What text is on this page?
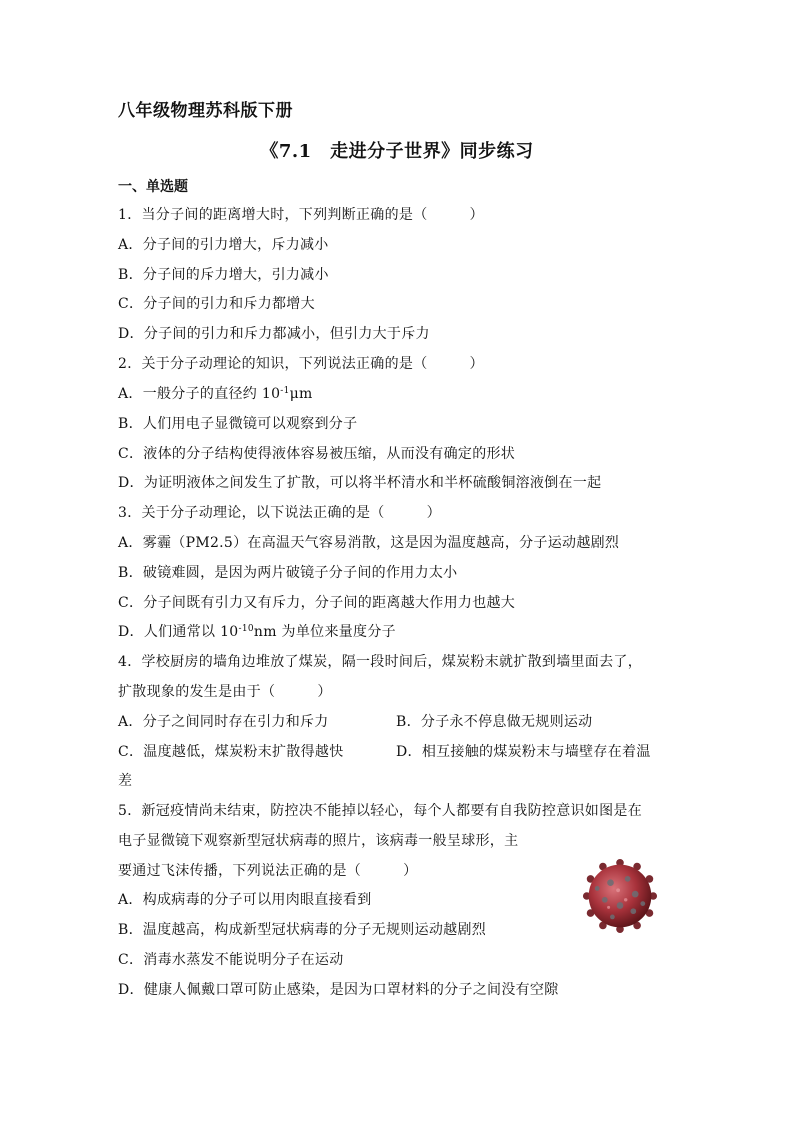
八年级物理苏科版下册
《7.1　走进分子世界》同步练习
一、单选题
1．当分子间的距离增大时，下列判断正确的是（	）
A．分子间的引力增大，斥力减小
B．分子间的斥力增大，引力减小
C．分子间的引力和斥力都增大
D．分子间的引力和斥力都减小，但引力大于斥力
2．关于分子动理论的知识，下列说法正确的是（	）
A．一般分子的直径约 $10^{-1}\mu m$
B．人们用电子显微镜可以观察到分子
C．液体的分子结构使得液体容易被压缩，从而没有确定的形状
D．为证明液体之间发生了扩散，可以将半杯清水和半杯硫酸铜溶液倒在一起
3．关于分子动理论，以下说法正确的是（	）
A．雾霾（PM2.5）在高温天气容易消散，这是因为温度越高，分子运动越剧烈
B．破镜难圆，是因为两片破镜子分子间的作用力太小
C．分子间既有引力又有斥力，分子间的距离越大作用力也越大
D．人们通常以 $10^{-10}nm$ 为单位来量度分子
4．学校厨房的墙角边堆放了煤炭，隔一段时间后，煤炭粉末就扩散到墙里面去了，
扩散现象的发生是由于（	）
A．分子之间同时存在引力和斥力	B．分子永不停息做无规则运动
C．温度越低，煤炭粉末扩散得越快	D．相互接触的煤炭粉末与墙壁存在着温
差
5．新冠疫情尚未结束，防控决不能掉以轻心，每个人都要有自我防控意识如图是在
电子显微镜下观察新型冠状病毒的照片，该病毒一般呈球形，主
要通过飞沫传播，下列说法正确的是（	）
A．构成病毒的分子可以用肉眼直接看到
B．温度越高，构成新型冠状病毒的分子无规则运动越剧烈
C．消毒水蒸发不能说明分子在运动
D．健康人佩戴口罩可防止感染，是因为口罩材料的分子之间没有空隙
